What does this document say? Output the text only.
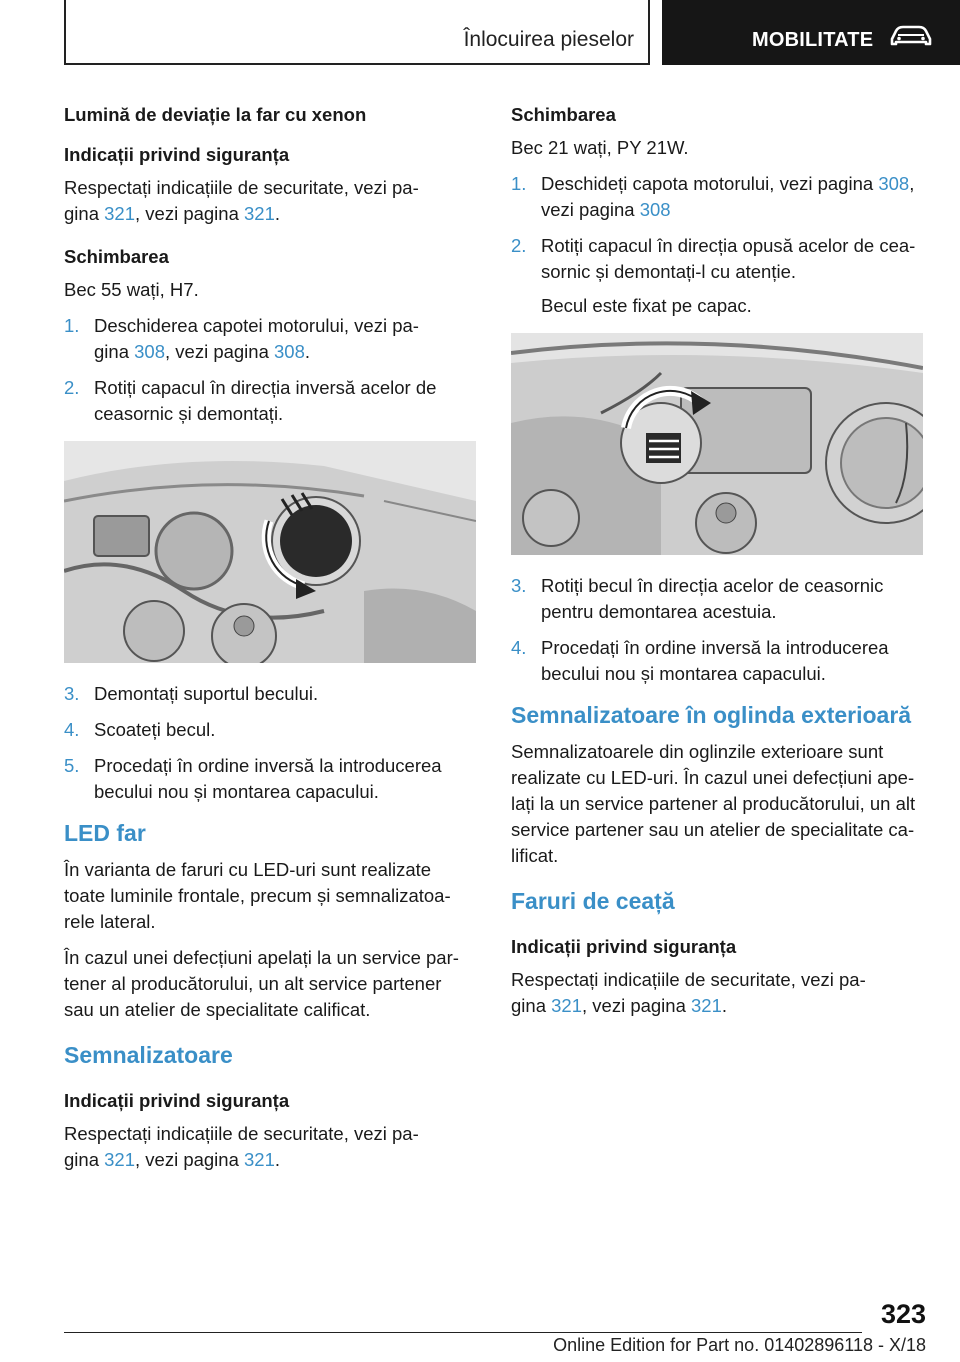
Înlocuirea pieselor	MOBILITATE
Lumină de deviație la far cu xenon
Indicații privind siguranța

Respectați indicațiile de securitate, vezi pa‐
gina 321, vezi pagina 321.

Schimbarea

Bec 55 wați, H7.

1. Deschiderea capotei motorului, vezi pa‐
gina 308, vezi pagina 308.
2. Rotiți capacul în direcția inversă acelor de
ceasornic și demontați.
3. Demontați suportul becului.
4. Scoateți becul.
5. Procedați în ordine inversă la introducerea
becului nou și montarea capacului.
LED far

În varianta de faruri cu LED-uri sunt realizate toate luminile frontale, precum și semnalizatoa‐ rele lateral.

În cazul unei defecțiuni apelați la un service par‐ tener al producătorului, un alt service partener sau un atelier de specialitate calificat.

Semnalizatoare
Indicații privind siguranța

Respectați indicațiile de securitate, vezi pa‐
gina 321, vezi pagina 321.

Schimbarea

Bec 21 wați, PY 21W.

1. Deschideți capota motorului, vezi pagina 308,
vezi pagina 308
2. Rotiți capacul în direcția opusă acelor de cea‐
sornic și demontați-l cu atenție.
Becul este fixat pe capac.
3. Rotiți becul în direcția acelor de ceasornic
pentru demontarea acestuia.
4. Procedați în ordine inversă la introducerea
becului nou și montarea capacului.
Semnalizatoare în oglinda exterioară

Semnalizatoarele din oglinzile exterioare sunt realizate cu LED-uri. În cazul unei defecțiuni ape‐ lați la un service partener al producătorului, un alt service partener sau un atelier de specialitate ca‐ lificat.

Faruri de ceață
Indicații privind siguranța

Respectați indicațiile de securitate, vezi pa‐
gina 321, vezi pagina 321.

323
Online Edition for Part no. 01402896118 - X/18
